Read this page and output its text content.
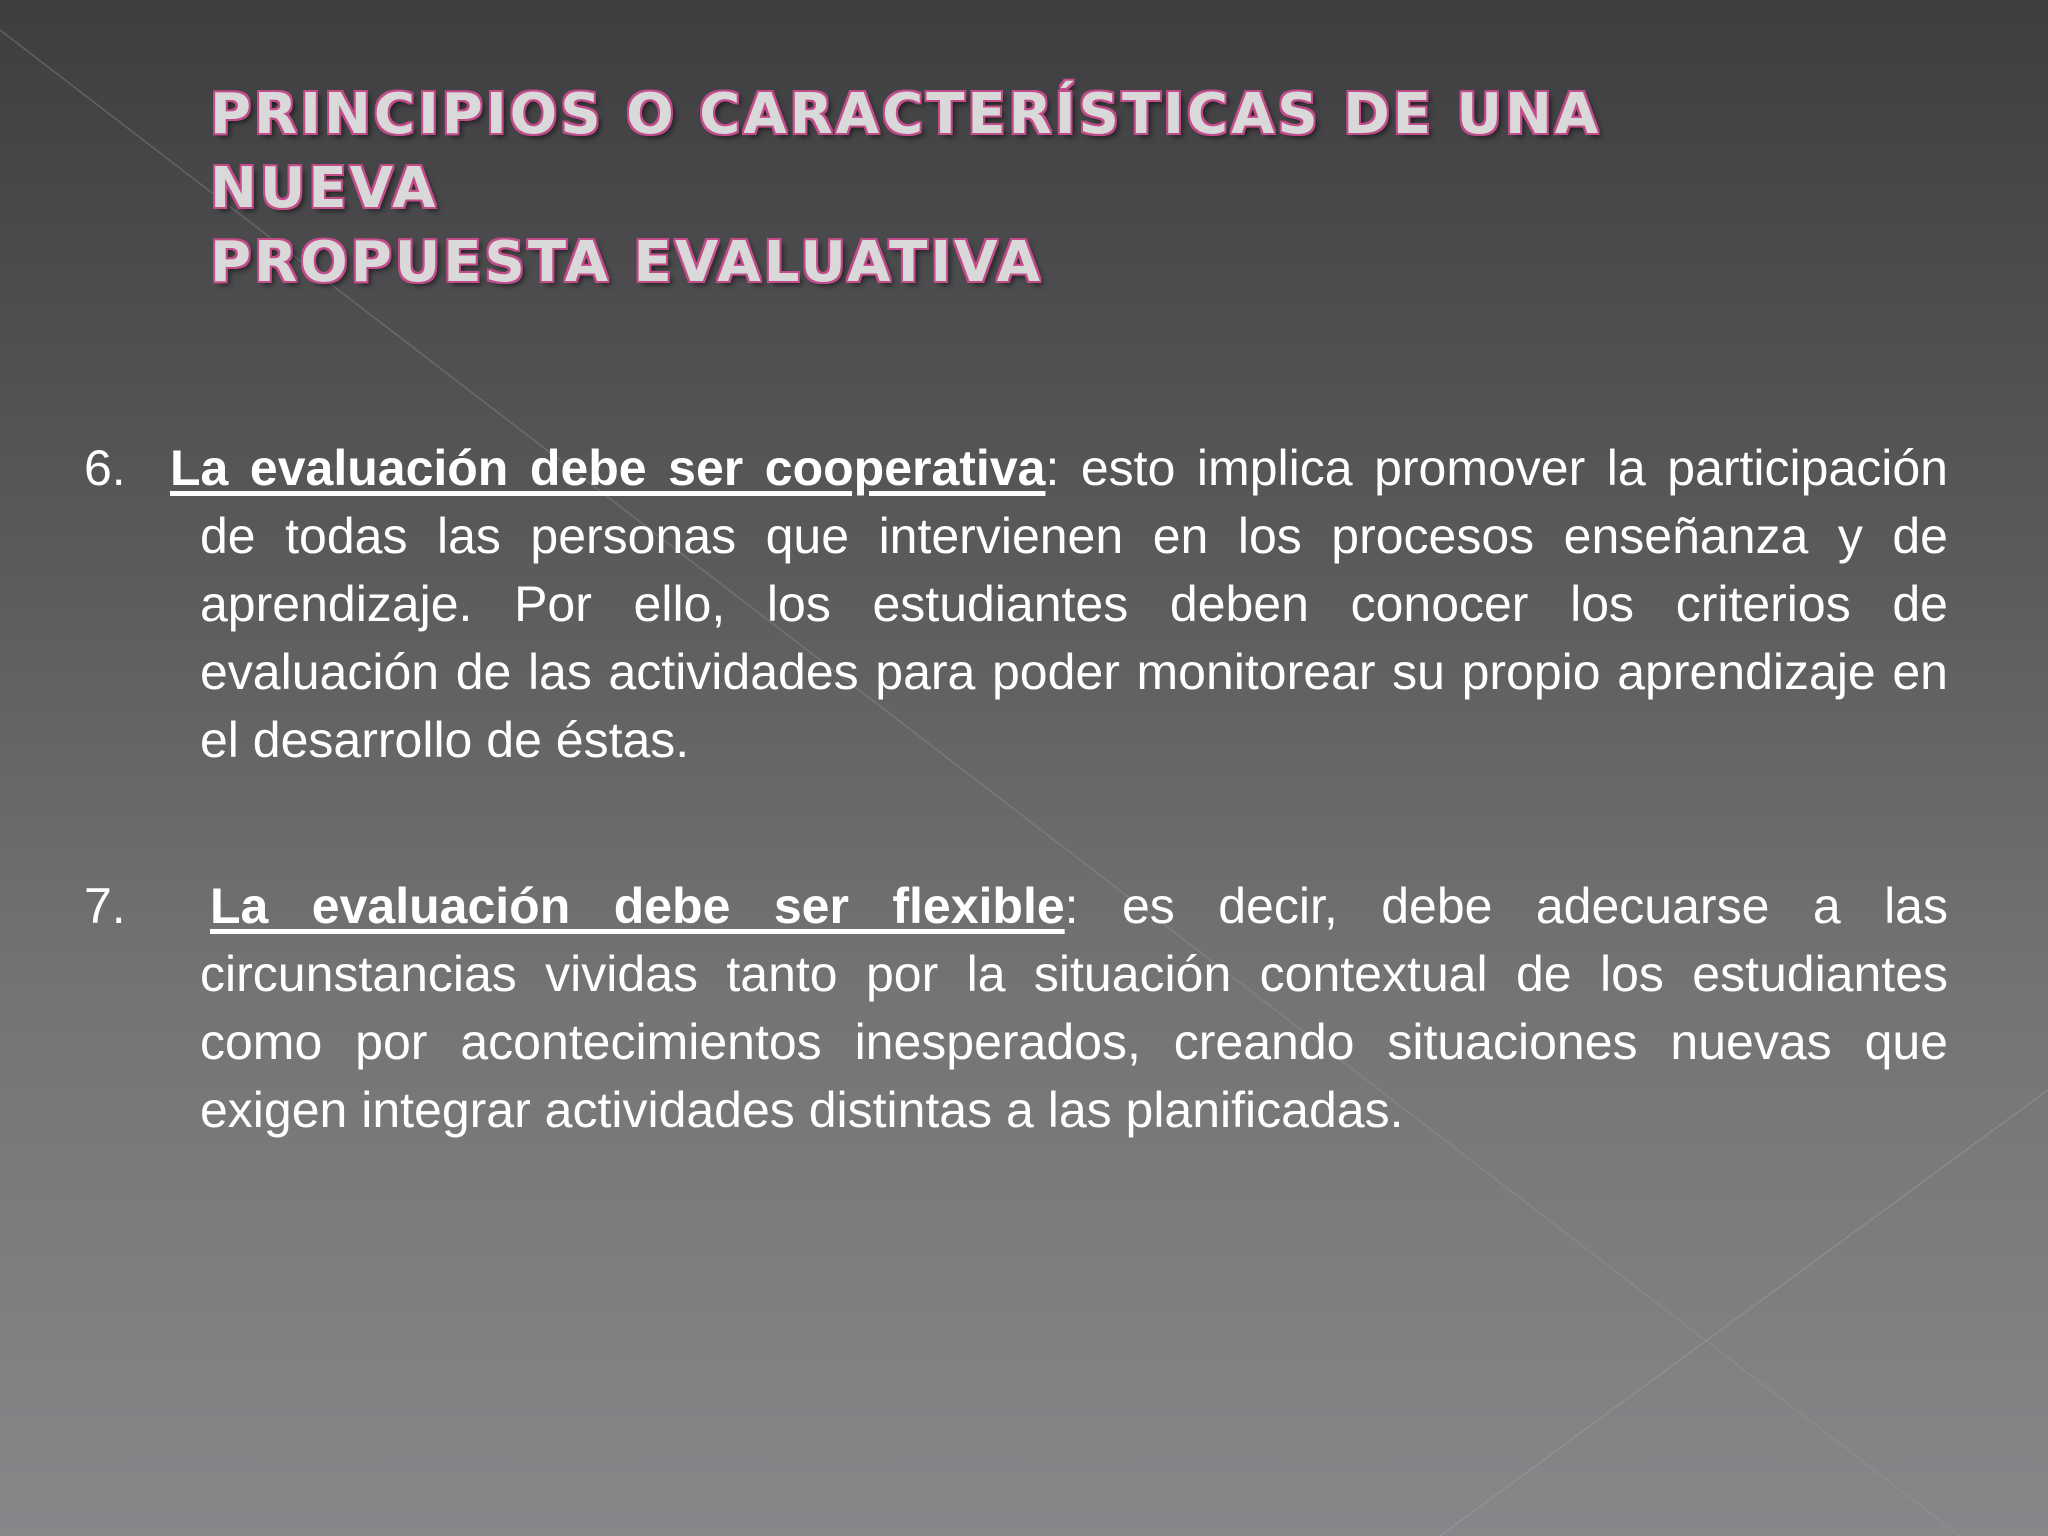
PRINCIPIOS O CARACTERÍSTICAS DE UNA NUEVA
PROPUESTA EVALUATIVA

6. La evaluación debe ser cooperativa: esto implica promover la participación de todas las personas que intervienen en los procesos enseñanza y de aprendizaje. Por ello, los estudiantes deben conocer los criterios de evaluación de las actividades para poder monitorear su propio aprendizaje en el desarrollo de éstas.

7. La evaluación debe ser flexible: es decir, debe adecuarse a las circunstancias vividas tanto por la situación contextual de los estudiantes como por acontecimientos inesperados, creando situaciones nuevas que exigen integrar actividades distintas a las planificadas.
